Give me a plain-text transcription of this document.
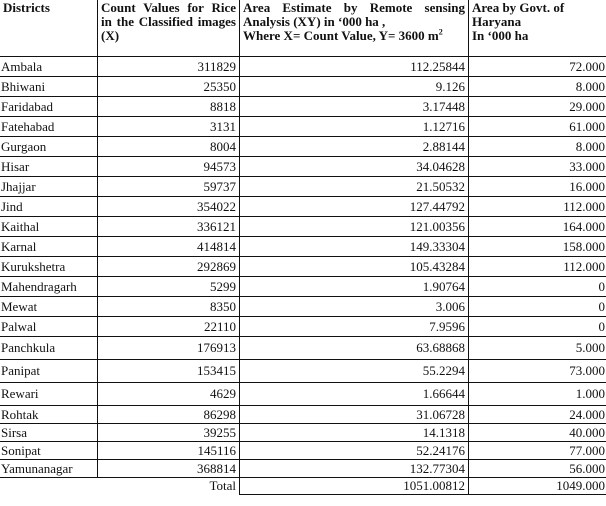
Districts	Count Values for Rice in the Classified images (X)	Area Estimate by Remote sensing Analysis (XY) in ‘000 ha ,
Where X= Count Value, Y= 3600 $m^2$	Area by Govt. of Haryana
In ‘000 ha
Ambala	311829	112.25844	72.000
Bhiwani	25350	9.126	8.000
Faridabad	8818	3.17448	29.000
Fatehabad	3131	1.12716	61.000
Gurgaon	8004	2.88144	8.000
Hisar	94573	34.04628	33.000
Jhajjar	59737	21.50532	16.000
Jind	354022	127.44792	112.000
Kaithal	336121	121.00356	164.000
Karnal	414814	149.33304	158.000
Kurukshetra	292869	105.43284	112.000
Mahendragarh	5299	1.90764	0
Mewat	8350	3.006	0
Palwal	22110	7.9596	0
Panchkula	176913	63.68868	5.000
Panipat	153415	55.2294	73.000
Rewari	4629	1.66644	1.000
Rohtak	86298	31.06728	24.000
Sirsa	39255	14.1318	40.000
Sonipat	145116	52.24176	77.000
Yamunanagar	368814	132.77304	56.000
Total		1051.00812	1049.000
